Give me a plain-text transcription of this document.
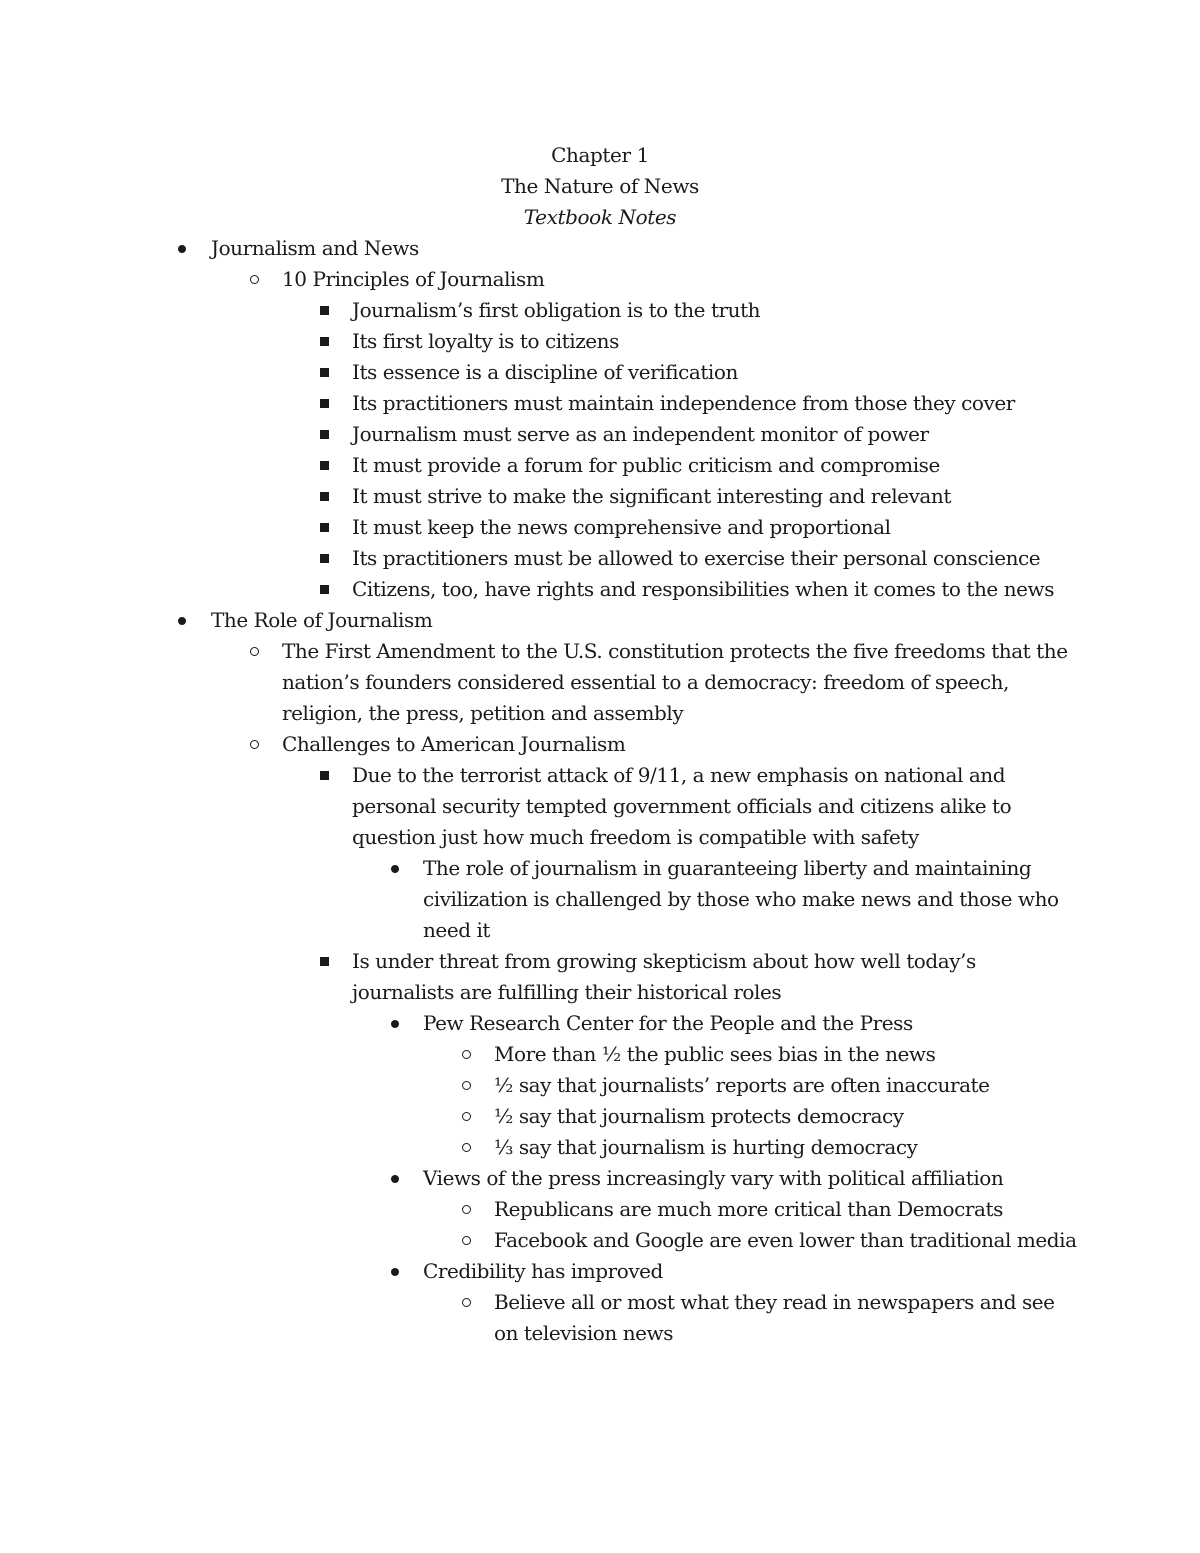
Chapter 1
The Nature of News
Textbook Notes
Journalism and News
10 Principles of Journalism
Journalism’s first obligation is to the truth
Its first loyalty is to citizens
Its essence is a discipline of verification
Its practitioners must maintain independence from those they cover
Journalism must serve as an independent monitor of power
It must provide a forum for public criticism and compromise
It must strive to make the significant interesting and relevant
It must keep the news comprehensive and proportional
Its practitioners must be allowed to exercise their personal conscience
Citizens, too, have rights and responsibilities when it comes to the news
The Role of Journalism
The First Amendment to the U.S. constitution protects the five freedoms that the
nation’s founders considered essential to a democracy: freedom of speech,
religion, the press, petition and assembly
Challenges to American Journalism
Due to the terrorist attack of 9/11, a new emphasis on national and
personal security tempted government officials and citizens alike to
question just how much freedom is compatible with safety
The role of journalism in guaranteeing liberty and maintaining
civilization is challenged by those who make news and those who
need it
Is under threat from growing skepticism about how well today’s
journalists are fulfilling their historical roles
Pew Research Center for the People and the Press
More than ½ the public sees bias in the news
½ say that journalists’ reports are often inaccurate
½ say that journalism protects democracy
⅓ say that journalism is hurting democracy
Views of the press increasingly vary with political affiliation
Republicans are much more critical than Democrats
Facebook and Google are even lower than traditional media
Credibility has improved
Believe all or most what they read in newspapers and see
on television news
